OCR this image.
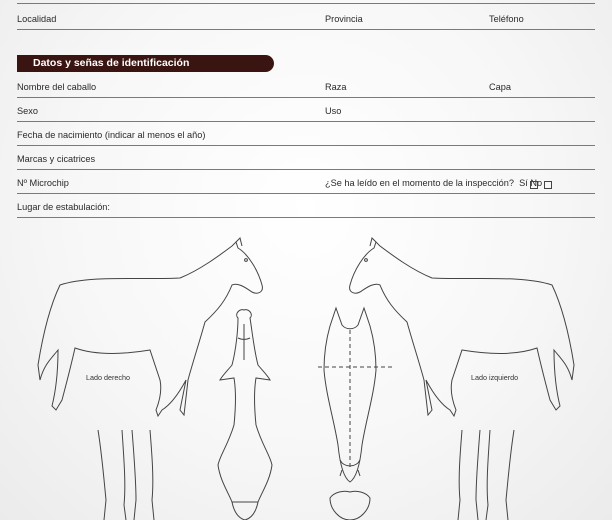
Localidad	Provincia	Teléfono
Datos y señas de identificación
Nombre del caballo	Raza	Capa
Sexo	Uso
Fecha de nacimiento (indicar al menos el año)
Marcas y cicatrices
Nº Microchip	¿Se ha leído en el momento de la inspección? Sí No
Lugar de estabulación:
Lado derecho	Lado izquierdo
